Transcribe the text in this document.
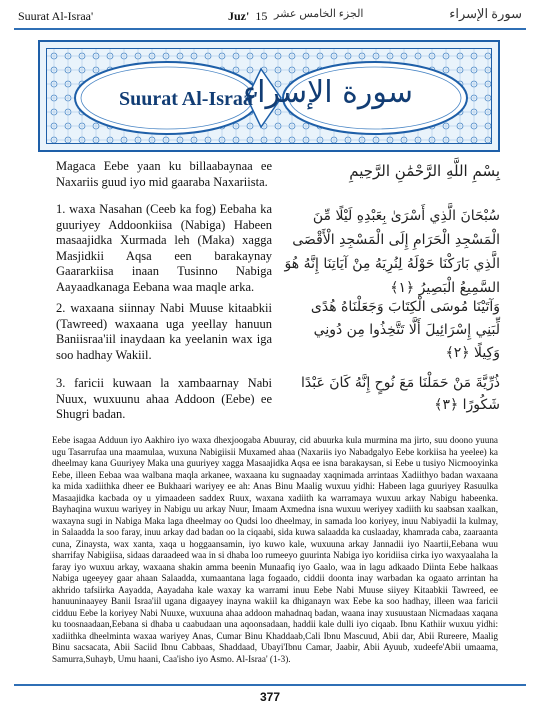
Suurat Al-Israa'	Juz' 15 الجزء الخامس عشر	سورة الإسراء
Suurat Al-Israa'
سورة الإسراء

Magaca Eebe yaan ku billaabaynaa ee Naxariis guud iyo mid gaaraba Naxariista.

1. waxa Nasahan (Ceeb ka fog) Eebaha ka guuriyey Addoonkiisa (Nabiga) Habeen masaajidka Xurmada leh (Maka) xagga Masjidkii Aqsa een barakaynay Gaararkiisa inaan Tusinno Nabiga Aayaadkanaga Eebana waa maqle arka.

2. waxaana siinnay Nabi Muuse kitaabkii (Tawreed) waxaana uga yeellay hanuun Baniisraa'iil inaydaan ka yeelanin wax iga soo hadhay Wakiil.

3. faricii kuwaan la xambaarnay Nabi Nuux, wuxuunu ahaa Addoon (Eebe) ee Shugri badan.

بِسْمِ اللَّهِ الرَّحْمَٰنِ الرَّحِيمِ

سُبْحَانَ الَّذِي أَسْرَىٰ بِعَبْدِهِ لَيْلًا مِّنَ الْمَسْجِدِ الْحَرَامِ إِلَى الْمَسْجِدِ الْأَقْصَى الَّذِي بَارَكْنَا حَوْلَهُ لِنُرِيَهُ مِنْ آيَاتِنَا إِنَّهُ هُوَ السَّمِيعُ الْبَصِيرُ ﴿١﴾

وَآتَيْنَا مُوسَى الْكِتَابَ وَجَعَلْنَاهُ هُدًى لِّبَنِي إِسْرَائِيلَ أَلَّا تَتَّخِذُوا مِن دُونِي وَكِيلًا ﴿٢﴾

ذُرِّيَّةَ مَنْ حَمَلْنَا مَعَ نُوحٍ إِنَّهُ كَانَ عَبْدًا شَكُورًا ﴿٣﴾

Eebe isagaa Adduun iyo Aakhiro iyo waxa dhexjoogaba Abuuray, cid abuurka kula murmina ma jirto, suu doono yuuna ugu Tasarrufaa una maamulaa, wuxuna Nabigiisii Muxamed ahaa (Naxariis iyo Nabadgalyo Eebe korkiisa ha yeelee) ka dheelmay kana Guuriyey Maka una guuriyey xagga Masaajidka Aqsa ee isna barakaysan, si Eebe u tusiyo Nicmooyinka Eebe, illeen Eebaa waa walbana maqla arkanee, waxaana ku sugnaaday xaqnimada arrintaas Xadiithyo badan waxaana ka mida xadiithka dheer ee Bukhaari wariyey ee ah: Anas Binu Maalig wuxuu yidhi: Habeen laga guuriyey Rasuulka Masaajidka kacbada oy u yimaadeen saddex Ruux, waxana xadiith ka warramaya wuxuu arkay Nabigu habeenka. Bayhaqina wuxuu wariyey in Nabigu uu arkay Nuur, Imaam Axmedna isna wuxuu weriyey xadiith ku saabsan xaalkan, waxayna sugi in Nabiga Maka laga dheelmay oo Qudsi loo dheelmay, in samada loo koriyey, inuu Nabiyadii la kulmay, in Salaadda la soo faray, inuu arkay dad badan oo la ciqaabi, sida kuwa salaadda ka cuslaaday, khamrada caba, zaaraanta cuna, Zinaysta, wax xanta, xaqa u hoggaansamin, iyo kuwo kale, wuxuuna arkay Jannadii iyo Naartii,Eebana wuu sharrifay Nabigiisa, sidaas daraadeed waa in si dhaba loo rumeeyo guurinta Nabiga iyo koridiisa cirka iyo waxyaalaha la faray iyo wuxuu arkay, waxaana shakin amma beenin Munaafiq iyo Gaalo, waa in lagu adkaado Diinta Eebe halkaas Nabiga ugeeyey gaar ahaan Salaadda, xumaantana laga fogaado, ciddii doonta inay warbadan ka ogaato arrintan ha akhrido tafsiirka Aayadda, Aayadaha kale waxay ka warrami inuu Eebe Nabi Muuse siiyey Kitaabkii Tawreed, ee hanuuninaayey Banii Israa'iil ugana digaayey inayna wakiil ka dhiganayn wax Eebe ka soo hadhay, illeen waa faricii cidduu Eebe la koriyey Nabi Nuuxe, wuxuuna ahaa addoon mahadnaq badan, waana inay xusuustaan Nicmadaas xaqana ku toosnaadaan,Eebana si dhaba u caabudaan una aqoonsadaan, haddii kale dulli iyo ciqaab. Ibnu Kathiir wuxuu yidhi: xadiithka dheelminta waxaa wariyey Anas, Cumar Binu Khaddaab,Cali Ibnu Mascuud, Abii dar, Abii Rureere, Maalig Binu sacsacata, Abii Saciid Ibnu Cabbaas, Shaddaad, Ubayi'Ibnu Camar, Jaabir, Abii Ayuub, xudeefe'Abii umaama, Samurra,Suhayb, Umu haani, Caa'isho iyo Asmo. Al-Israa' (1-3).

377
